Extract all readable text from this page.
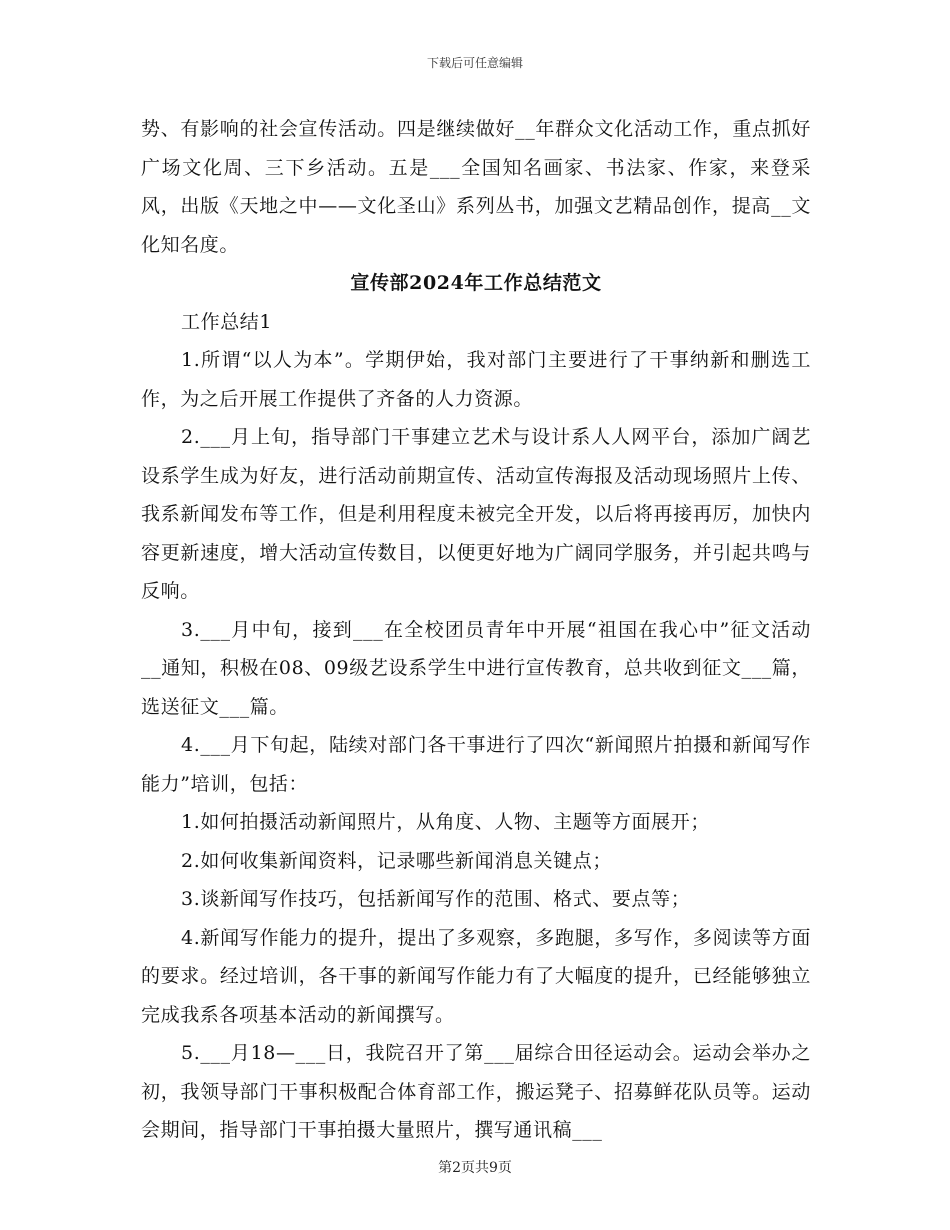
下载后可任意编辑

势、有影响的社会宣传活动。四是继续做好__年群众文化活动工作，重点抓好广场文化周、三下乡活动。五是___全国知名画家、书法家、作家，来登采风，出版《天地之中——文化圣山》系列丛书，加强文艺精品创作，提高__文化知名度。

宣传部2024年工作总结范文

工作总结1

1.所谓“以人为本”。学期伊始，我对部门主要进行了干事纳新和删选工作，为之后开展工作提供了齐备的人力资源。

2.___月上旬，指导部门干事建立艺术与设计系人人网平台，添加广阔艺设系学生成为好友，进行活动前期宣传、活动宣传海报及活动现场照片上传、我系新闻发布等工作，但是利用程度未被完全开发，以后将再接再厉，加快内容更新速度，增大活动宣传数目，以便更好地为广阔同学服务，并引起共鸣与反响。

3.___月中旬，接到___在全校团员青年中开展“祖国在我心中”征文活动__通知，积极在08、09级艺设系学生中进行宣传教育，总共收到征文___篇，选送征文___篇。

4.___月下旬起，陆续对部门各干事进行了四次“新闻照片拍摄和新闻写作能力”培训，包括：

1.如何拍摄活动新闻照片，从角度、人物、主题等方面展开；

2.如何收集新闻资料，记录哪些新闻消息关键点；

3.谈新闻写作技巧，包括新闻写作的范围、格式、要点等；

4.新闻写作能力的提升，提出了多观察，多跑腿，多写作，多阅读等方面的要求。经过培训，各干事的新闻写作能力有了大幅度的提升，已经能够独立完成我系各项基本活动的新闻撰写。

5.___月18—___日，我院召开了第___届综合田径运动会。运动会举办之初，我领导部门干事积极配合体育部工作，搬运凳子、招募鲜花队员等。运动会期间，指导部门干事拍摄大量照片，撰写通讯稿___

第2页共9页
